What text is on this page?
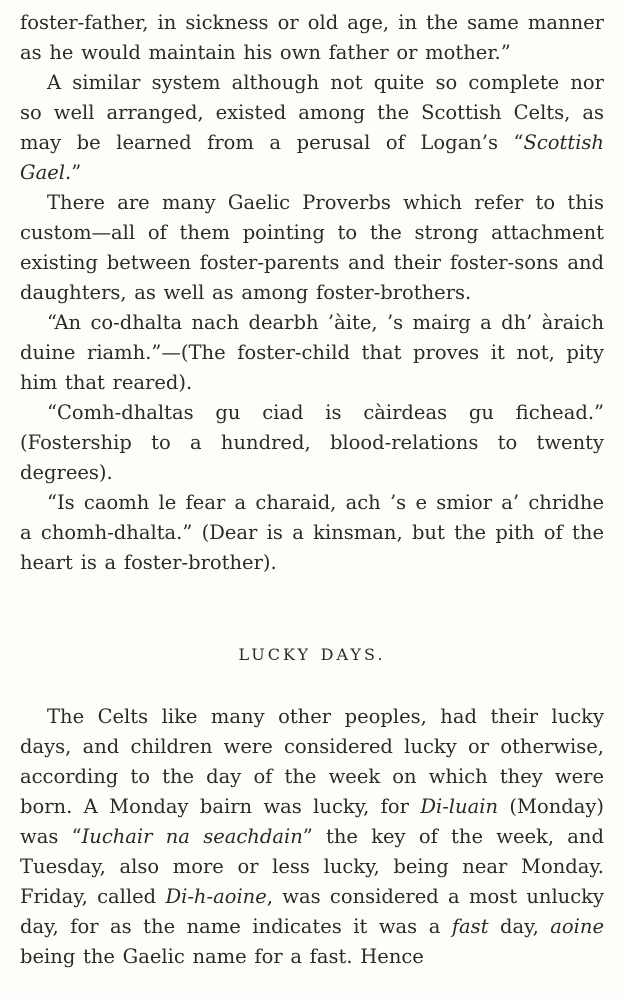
foster-father, in sickness or old age, in the same manner as he would maintain his own father or mother.”

A similar system although not quite so complete nor so well arranged, existed among the Scottish Celts, as may be learned from a perusal of Logan’s “Scottish Gael.”

There are many Gaelic Proverbs which refer to this custom—all of them pointing to the strong attachment existing between foster-parents and their foster-sons and daughters, as well as among foster-brothers.

“An co-dhalta nach dearbh ’àite, ’s mairg a dh’ àraich duine riamh.”—(The foster-child that proves it not, pity him that reared).

“Comh-dhaltas gu ciad is càirdeas gu fichead.” (Fostership to a hundred, blood-relations to twenty degrees).

“Is caomh le fear a charaid, ach ’s e smior a’ chridhe a chomh-dhalta.” (Dear is a kinsman, but the pith of the heart is a foster-brother).

LUCKY DAYS.

The Celts like many other peoples, had their lucky days, and children were considered lucky or otherwise, according to the day of the week on which they were born. A Monday bairn was lucky, for Di-luain (Monday) was “Iuchair na seachdain” the key of the week, and Tuesday, also more or less lucky, being near Monday. Friday, called Di-h-aoine, was considered a most unlucky day, for as the name indicates it was a fast day, aoine being the Gaelic name for a fast. Hence
